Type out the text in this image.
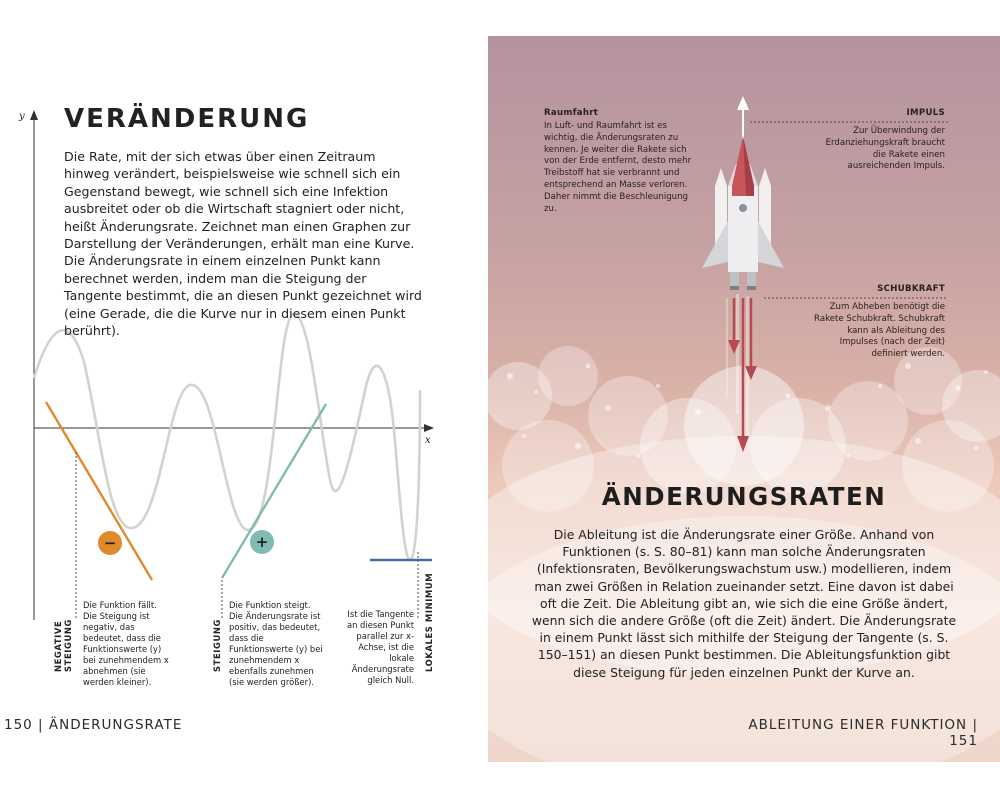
−	+
y
x
VERÄNDERUNG
Die Rate, mit der sich etwas über einen Zeitraum hinweg verändert, beispielsweise wie schnell sich ein Gegenstand bewegt, wie schnell sich eine Infektion ausbreitet oder ob die Wirtschaft stagniert oder nicht, heißt Änderungsrate. Zeichnet man einen Graphen zur Darstellung der Veränderungen, erhält man eine Kurve. Die Änderungsrate in einem einzelnen Punkt kann berechnet werden, indem man die Steigung der Tangente bestimmt, die an diesen Punkt gezeichnet wird (eine Gerade, die die Kurve nur in diesem einen Punkt berührt).
Die Funktion fällt. Die Steigung ist negativ, das bedeutet, dass die Funktionswerte (y) bei zunehmendem x abnehmen (sie werden kleiner).
Die Funktion steigt. Die Änderungsrate ist positiv, das bedeutet, dass die Funktionswerte (y) bei zunehmendem x ebenfalls zunehmen (sie werden größer).
Ist die Tangente an diesen Punkt parallel zur x-Achse, ist die lokale Änderungsrate gleich Null.
NEGATIVE STEIGUNG	STEIGUNG	LOKALES MINIMUM
150 | ÄNDERUNGSRATE
Raumfahrt
In Luft- und Raumfahrt ist es wichtig, die Änderungsraten zu kennen. Je weiter die Rakete sich von der Erde entfernt, desto mehr Treibstoff hat sie verbrannt und entsprechend an Masse verloren. Daher nimmt die Beschleunigung zu.
IMPULS
Zur Überwindung der Erdanziehungskraft braucht die Rakete einen ausreichenden Impuls.
SCHUBKRAFT
Zum Abheben benötigt die Rakete Schubkraft. Schubkraft kann als Ableitung des Impulses (nach der Zeit) definiert werden.
ÄNDERUNGSRATEN
Die Ableitung ist die Änderungsrate einer Größe. Anhand von Funktionen (s. S. 80–81) kann man solche Änderungsraten (Infektionsraten, Bevölkerungswachstum usw.) modellieren, indem man zwei Größen in Relation zueinander setzt. Eine davon ist dabei oft die Zeit. Die Ableitung gibt an, wie sich die eine Größe ändert, wenn sich die andere Größe (oft die Zeit) ändert. Die Änderungsrate in einem Punkt lässt sich mithilfe der Steigung der Tangente (s. S. 150–151) an diesen Punkt bestimmen. Die Ableitungsfunktion gibt diese Steigung für jeden einzelnen Punkt der Kurve an.
ABLEITUNG EINER FUNKTION | 151
